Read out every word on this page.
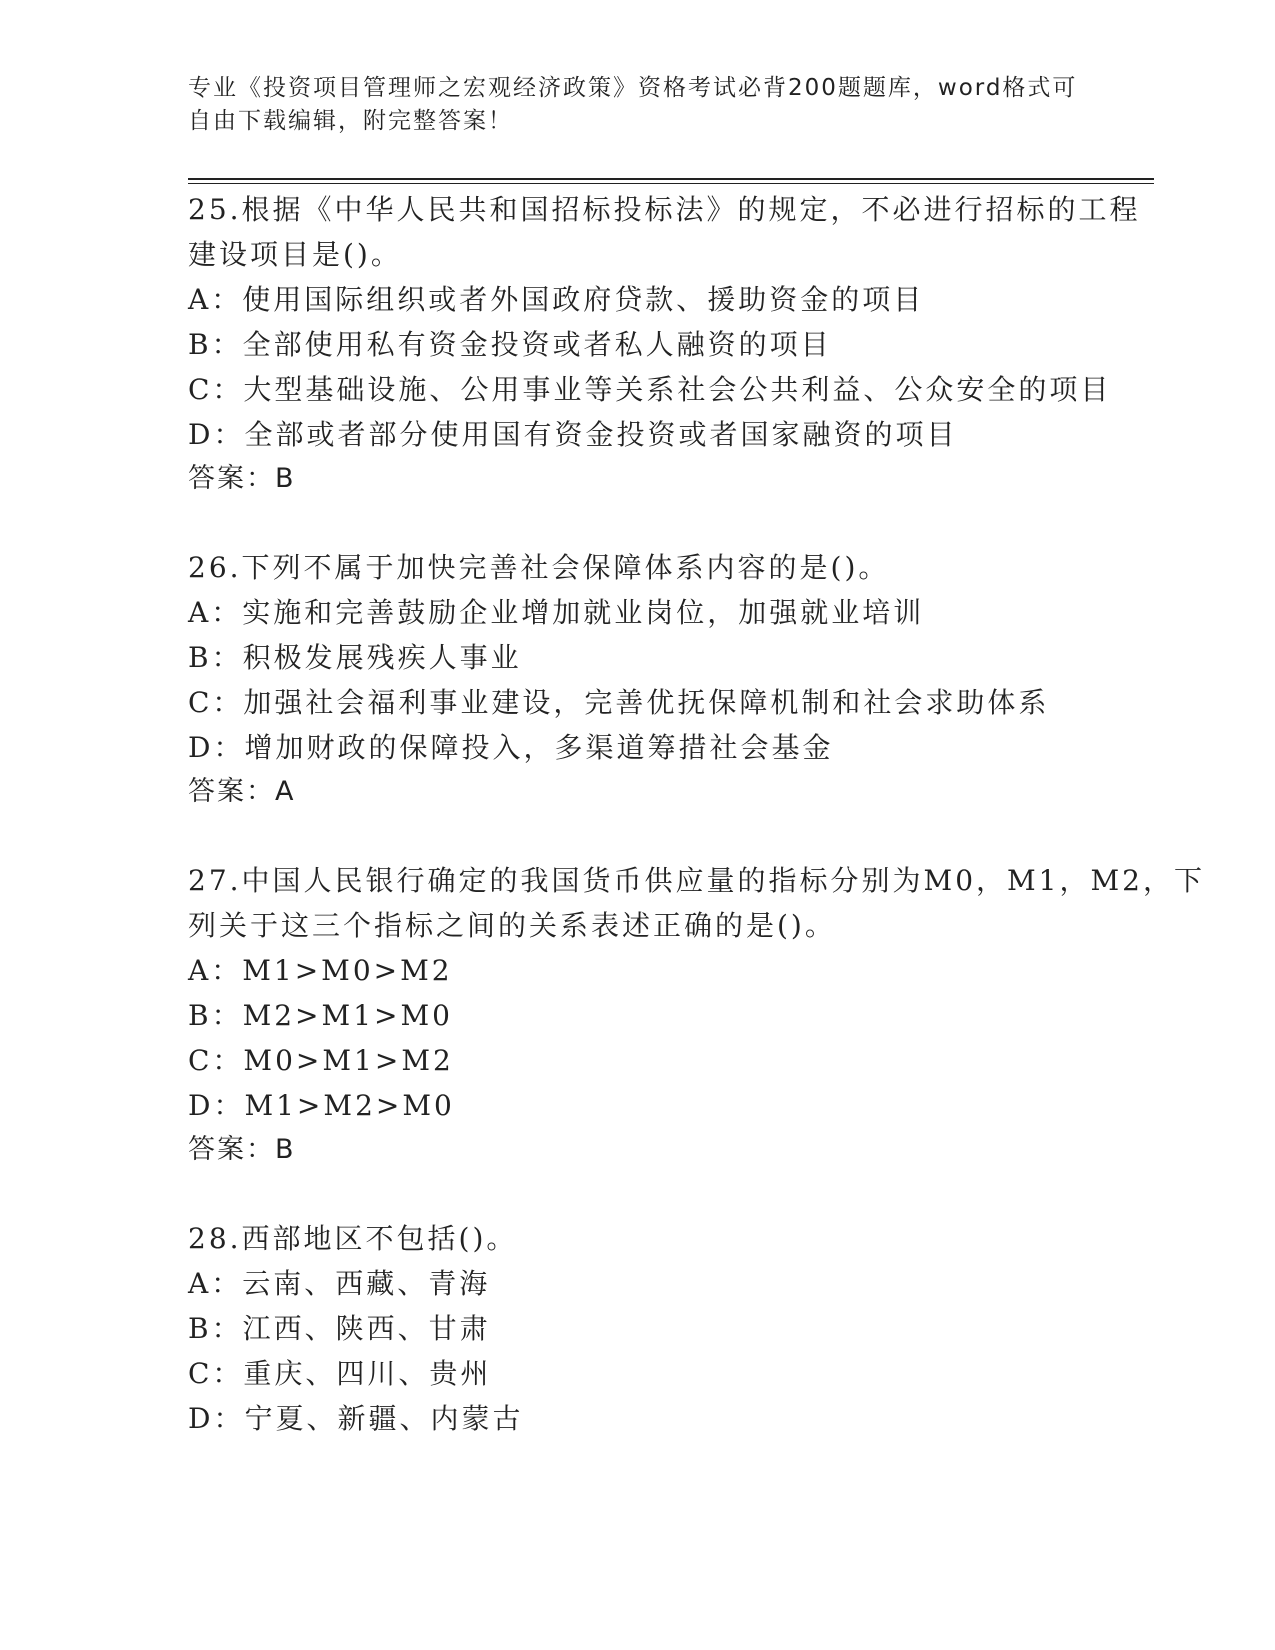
专业《投资项目管理师之宏观经济政策》资格考试必背200题题库，word格式可
自由下载编辑，附完整答案！
25.根据《中华人民共和国招标投标法》的规定，不必进行招标的工程
建设项目是()。
A：使用国际组织或者外国政府贷款、援助资金的项目
B：全部使用私有资金投资或者私人融资的项目
C：大型基础设施、公用事业等关系社会公共利益、公众安全的项目
D：全部或者部分使用国有资金投资或者国家融资的项目
答案：B
26.下列不属于加快完善社会保障体系内容的是()。
A：实施和完善鼓励企业增加就业岗位，加强就业培训
B：积极发展残疾人事业
C：加强社会福利事业建设，完善优抚保障机制和社会求助体系
D：增加财政的保障投入，多渠道筹措社会基金
答案：A
27.中国人民银行确定的我国货币供应量的指标分别为M0，M1，M2，下
列关于这三个指标之间的关系表述正确的是()。
A：M1>M0>M2
B：M2>M1>M0
C：M0>M1>M2
D：M1>M2>M0
答案：B
28.西部地区不包括()。
A：云南、西藏、青海
B：江西、陕西、甘肃
C：重庆、四川、贵州
D：宁夏、新疆、内蒙古
